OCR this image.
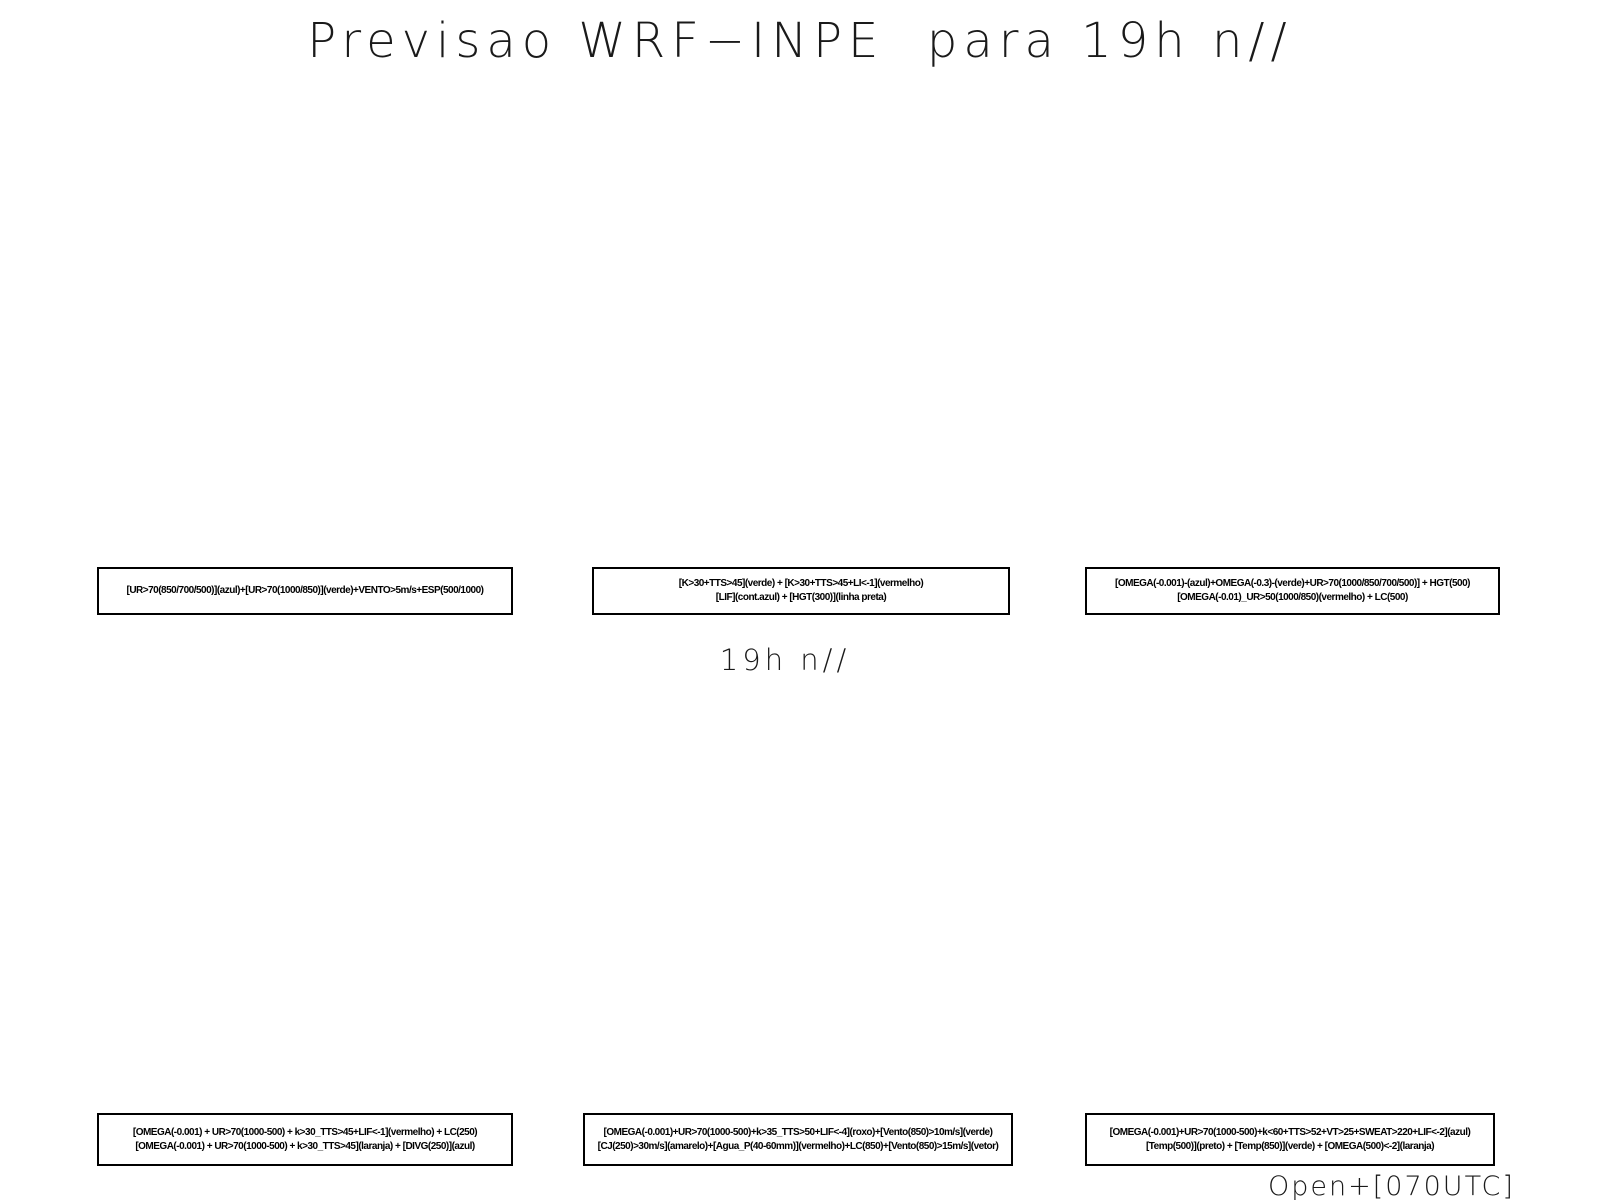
Previsao WRF−INPE  para 19h n//
[UR>70(850/700/500)](azul)+[UR>70(1000/850)](verde)+VENTO>5m/s+ESP(500/1000)
[K>30+TTS>45](verde) + [K>30+TTS>45+LI<-1](vermelho)
[LIF](cont.azul) + [HGT(300)](linha preta)
[OMEGA(-0.001)-(azul)+OMEGA(-0.3)-(verde)+UR>70(1000/850/700/500)] + HGT(500)
[OMEGA(-0.01)_UR>50(1000/850)(vermelho) + LC(500)
19h n//
[OMEGA(-0.001) + UR>70(1000-500) + k>30_TTS>45+LIF<-1](vermelho) + LC(250)
[OMEGA(-0.001) + UR>70(1000-500) + k>30_TTS>45](laranja) + [DIVG(250)](azul)
[OMEGA(-0.001)+UR>70(1000-500)+k>35_TTS>50+LIF<-4](roxo)+[Vento(850)>10m/s](verde)
[CJ(250)>30m/s](amarelo)+[Agua_P(40-60mm)](vermelho)+LC(850)+[Vento(850)>15m/s](vetor)
[OMEGA(-0.001)+UR>70(1000-500)+k<60+TTS>52+VT>25+SWEAT>220+LIF<-2](azul)
[Temp(500)](preto) + [Temp(850)](verde) + [OMEGA(500)<-2](laranja)
Open+[070UTC]
